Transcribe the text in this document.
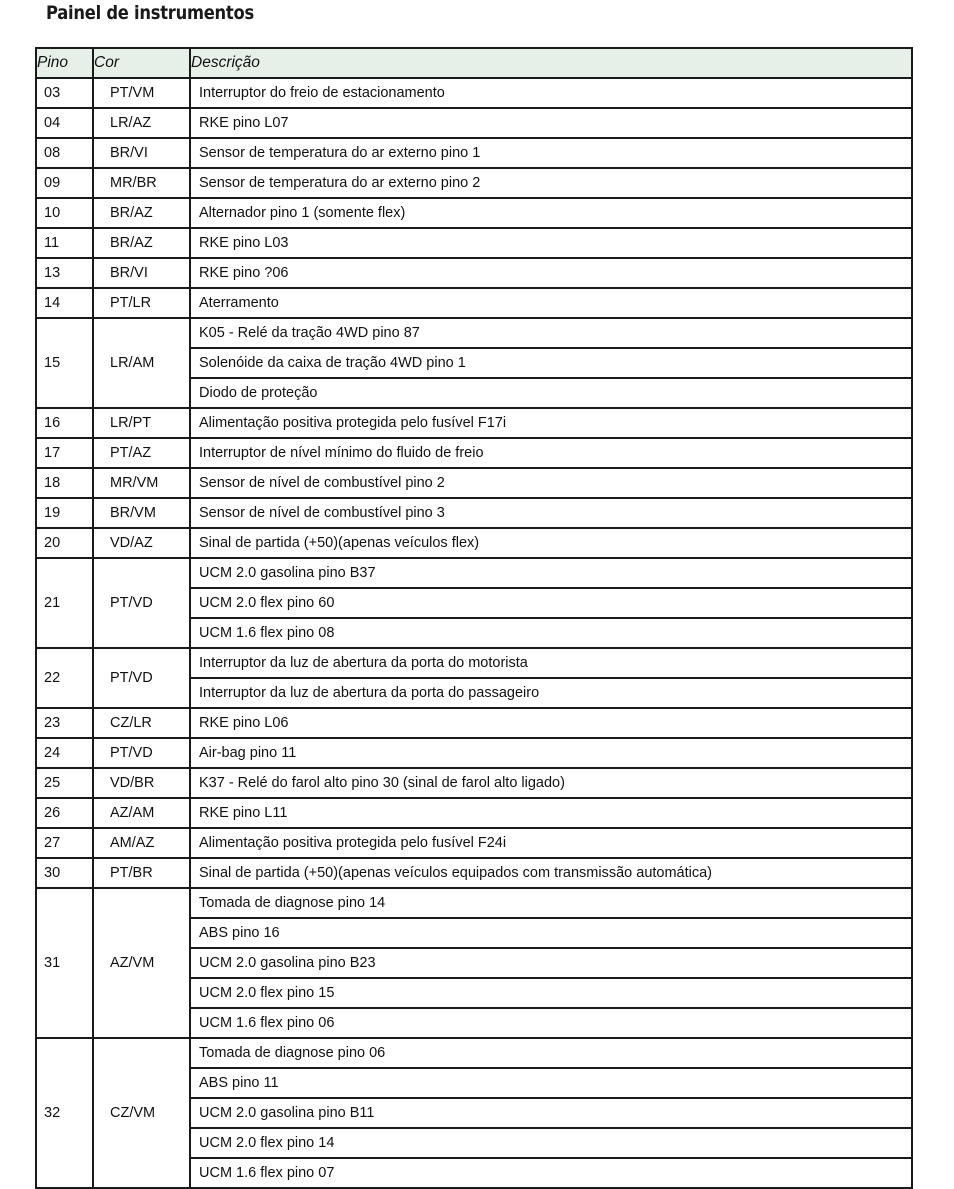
Painel de instrumentos
Pino	Cor	Descrição
03	PT/VM	Interruptor do freio de estacionamento
04	LR/AZ	RKE pino L07
08	BR/VI	Sensor de temperatura do ar externo pino 1
09	MR/BR	Sensor de temperatura do ar externo pino 2
10	BR/AZ	Alternador pino 1 (somente flex)
11	BR/AZ	RKE pino L03
13	BR/VI	RKE pino ?06
14	PT/LR	Aterramento
15	LR/AM	K05 - Relé da tração 4WD pino 87
		Solenóide da caixa de tração 4WD pino 1
		Diodo de proteção
16	LR/PT	Alimentação positiva protegida pelo fusível F17i
17	PT/AZ	Interruptor de nível mínimo do fluido de freio
18	MR/VM	Sensor de nível de combustível pino 2
19	BR/VM	Sensor de nível de combustível pino 3
20	VD/AZ	Sinal de partida (+50)(apenas veículos flex)
21	PT/VD	UCM 2.0 gasolina pino B37
		UCM 2.0 flex pino 60
		UCM 1.6 flex pino 08
22	PT/VD	Interruptor da luz de abertura da porta do motorista
		Interruptor da luz de abertura da porta do passageiro
23	CZ/LR	RKE pino L06
24	PT/VD	Air-bag pino 11
25	VD/BR	K37 - Relé do farol alto pino 30 (sinal de farol alto ligado)
26	AZ/AM	RKE pino L11
27	AM/AZ	Alimentação positiva protegida pelo fusível F24i
30	PT/BR	Sinal de partida (+50)(apenas veículos equipados com transmissão automática)
31	AZ/VM	Tomada de diagnose pino 14
		ABS pino 16
		UCM 2.0 gasolina pino B23
		UCM 2.0 flex pino 15
		UCM 1.6 flex pino 06
32	CZ/VM	Tomada de diagnose pino 06
		ABS pino 11
		UCM 2.0 gasolina pino B11
		UCM 2.0 flex pino 14
		UCM 1.6 flex pino 07
